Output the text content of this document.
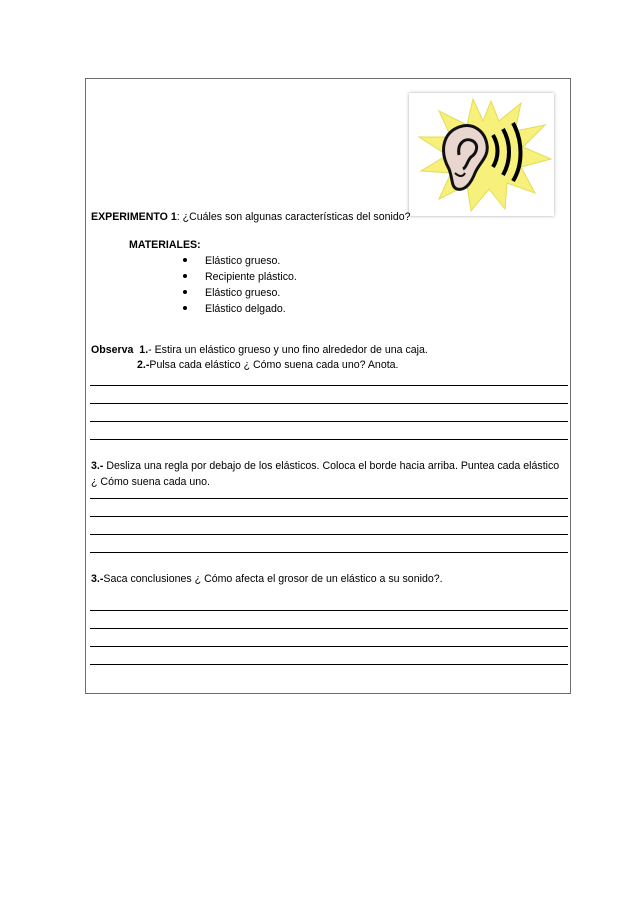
EXPERIMENTO 1: ¿Cuáles son algunas características del sonido?
MATERIALES:
Elástico grueso.
Recipiente plástico.
Elástico grueso.
Elástico delgado.
Observa 1.- Estira un elástico grueso y uno fino alrededor de una caja.
2.-Pulsa cada elástico ¿ Cómo suena cada uno? Anota.
3.- Desliza una regla por debajo de los elásticos. Coloca el borde hacia arriba. Puntea cada elástico
¿ Cómo suena cada uno.
3.-Saca conclusiones ¿ Cómo afecta el grosor de un elástico a su sonido?.
